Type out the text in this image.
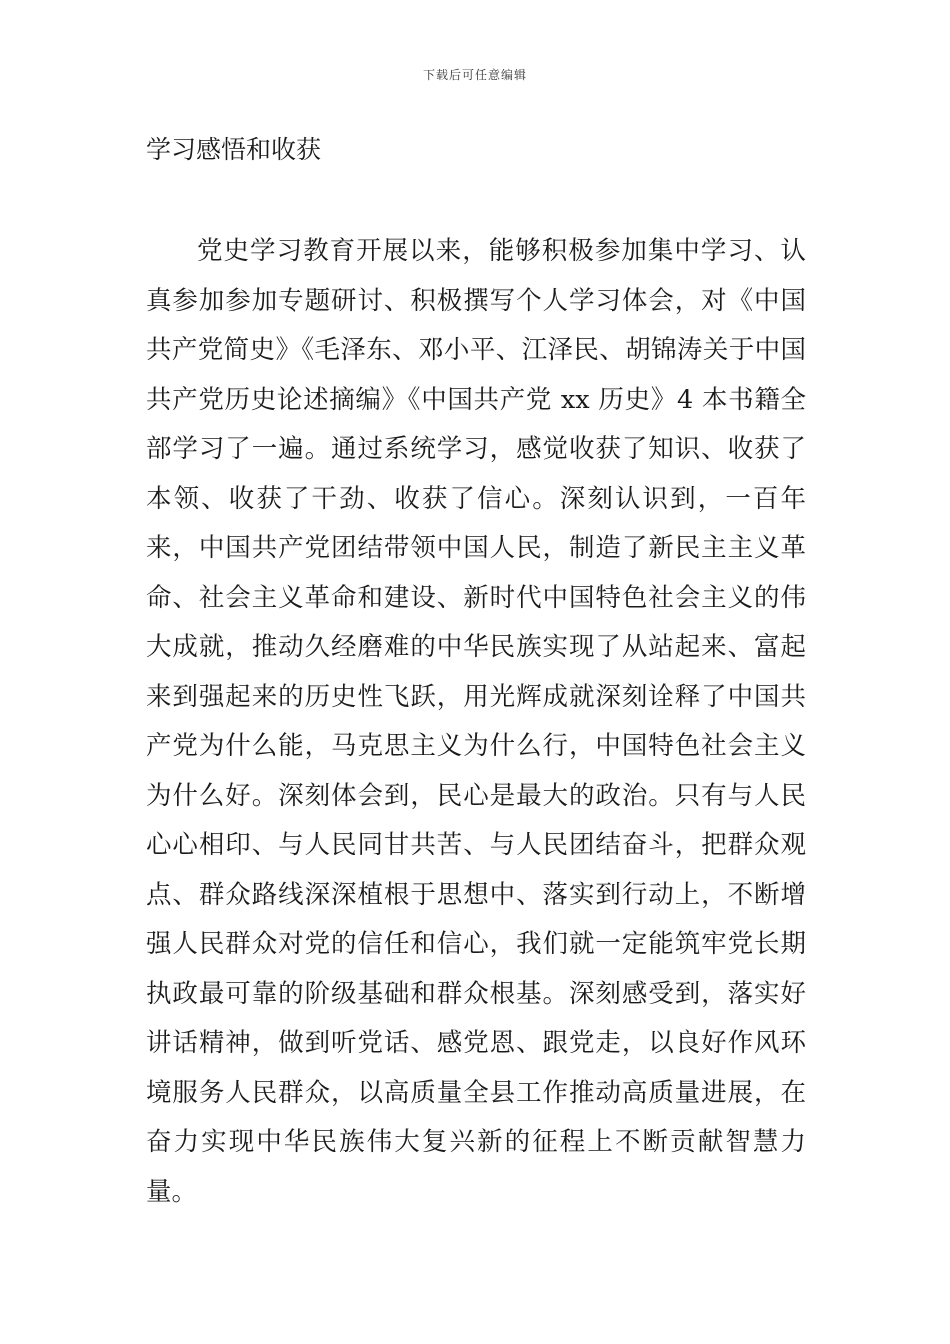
下载后可任意编辑
学习感悟和收获

党史学习教育开展以来，能够积极参加集中学习、认真参加参加专题研讨、积极撰写个人学习体会，对《中国共产党简史》《毛泽东、邓小平、江泽民、胡锦涛关于中国共产党历史论述摘编》《中国共产党 xx 历史》4 本书籍全部学习了一遍。通过系统学习，感觉收获了知识、收获了本领、收获了干劲、收获了信心。深刻认识到，一百年来，中国共产党团结带领中国人民，制造了新民主主义革命、社会主义革命和建设、新时代中国特色社会主义的伟大成就，推动久经磨难的中华民族实现了从站起来、富起来到强起来的历史性飞跃，用光辉成就深刻诠释了中国共产党为什么能，马克思主义为什么行，中国特色社会主义为什么好。深刻体会到，民心是最大的政治。只有与人民心心相印、与人民同甘共苦、与人民团结奋斗，把群众观点、群众路线深深植根于思想中、落实到行动上，不断增强人民群众对党的信任和信心，我们就一定能筑牢党长期执政最可靠的阶级基础和群众根基。深刻感受到，落实好讲话精神，做到听党话、感党恩、跟党走，以良好作风环境服务人民群众，以高质量全县工作推动高质量进展，在奋力实现中华民族伟大复兴新的征程上不断贡献智慧力量。
